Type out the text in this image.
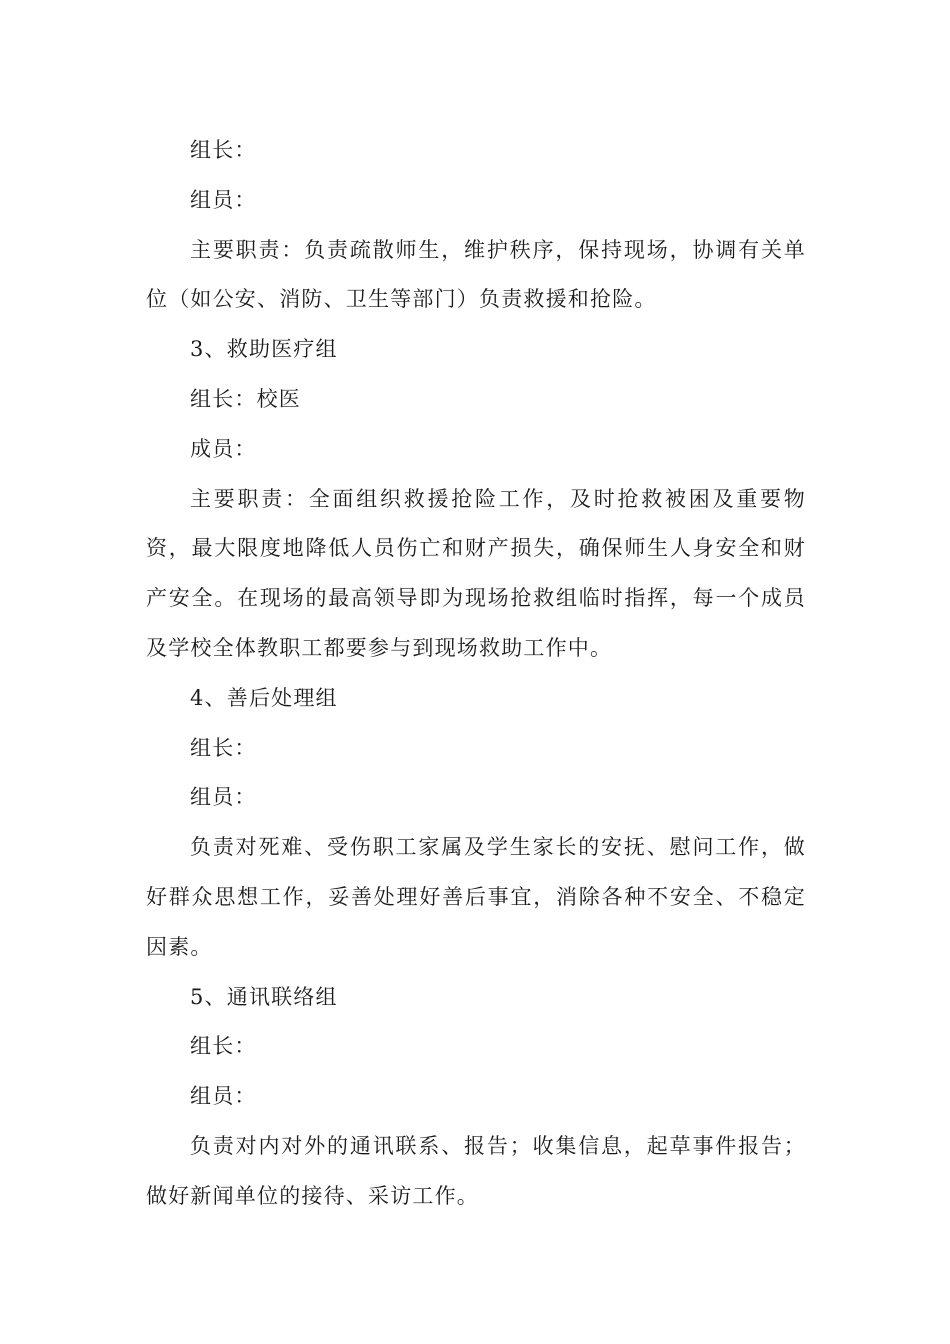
组长：

组员：

主要职责：负责疏散师生，维护秩序，保持现场，协调有关单位（如公安、消防、卫生等部门）负责救援和抢险。

3、救助医疗组

组长：校医

成员：

主要职责：全面组织救援抢险工作，及时抢救被困及重要物资，最大限度地降低人员伤亡和财产损失，确保师生人身安全和财产安全。在现场的最高领导即为现场抢救组临时指挥，每一个成员及学校全体教职工都要参与到现场救助工作中。

4、善后处理组

组长：

组员：

负责对死难、受伤职工家属及学生家长的安抚、慰问工作，做好群众思想工作，妥善处理好善后事宜，消除各种不安全、不稳定因素。

5、通讯联络组

组长：

组员：

负责对内对外的通讯联系、报告；收集信息，起草事件报告；做好新闻单位的接待、采访工作。
